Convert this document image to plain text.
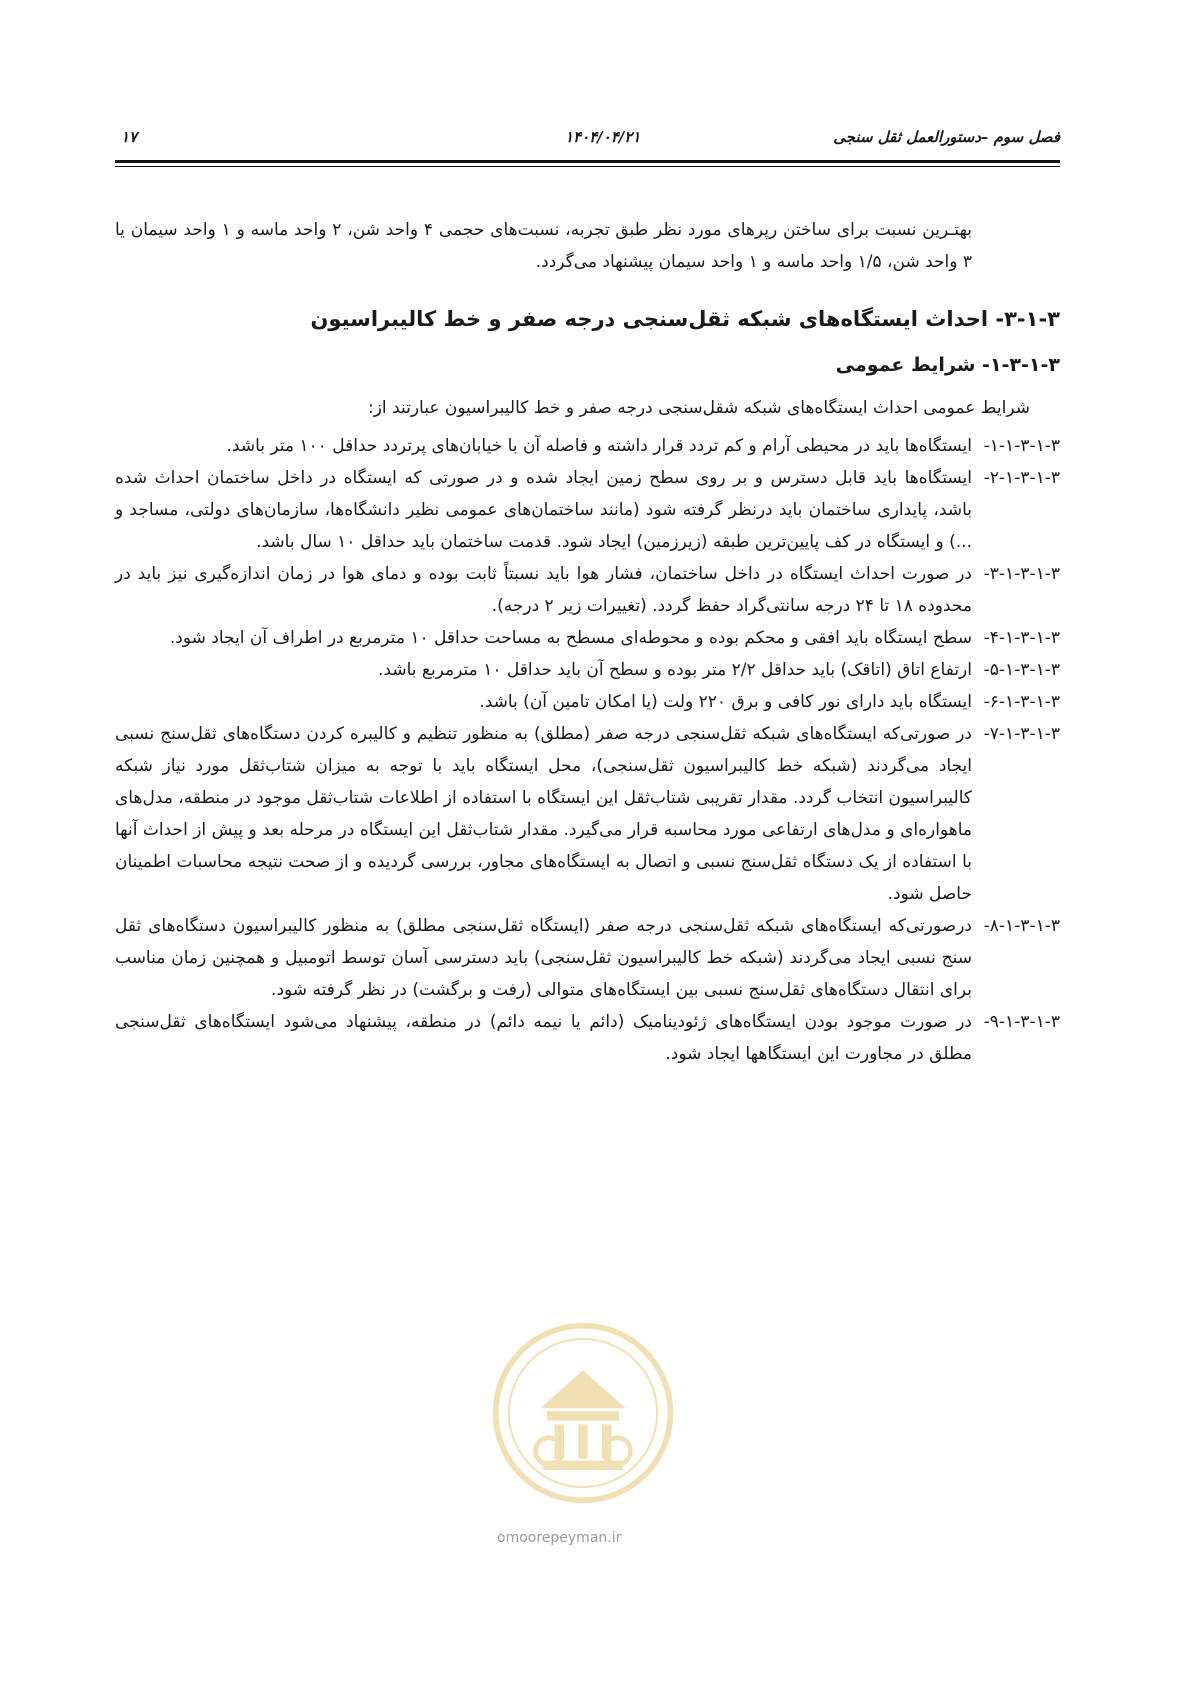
فصل سوم –دستورالعمل ثقل سنجی
۱۴۰۴/۰۴/۲۱
۱۷

بهتـرین نسبت برای ساختن رپرهای مورد نظر طبق تجربه، نسبت‌های حجمی ۴ واحد شن، ۲ واحد ماسه و ۱ واحد سیمان یا ۳ واحد شن، ۱/۵ واحد ماسه و ۱ واحد سیمان پیشنهاد می‌گردد.

۳-۱-۳- احداث ایستگاه‌های شبکه ثقل‌سنجی درجه صفر و خط کالیبراسیون
۱-۳-۱-۳- شرایط عمومی
شرایط عمومی احداث ایستگاه‌های شبکه شقل‌سنجی درجه صفر و خط کالیبراسیون عبارتند از:
۱-۱-۳-۱-۳-
ایستگاه‌ها باید در محیطی آرام و کم تردد قرار داشته و فاصله آن با خیابان‌های پرتردد حداقل ۱۰۰ متر باشد.
۲-۱-۳-۱-۳-
ایستگاه‌ها باید قابل دسترس و بر روی سطح زمین ایجاد شده و در صورتی که ایستگاه در داخل ساختمان احداث شده باشد، پایداری ساختمان باید درنظر گرفته شود (مانند ساختمان‌های عمومی نظیر دانشگاه‌ها، سازمان‌های دولتی، مساجد و ...) و ایستگاه در کف پایین‌ترین طبقه (زیرزمین) ایجاد شود. قدمت ساختمان باید حداقل ۱۰ سال باشد.
۳-۱-۳-۱-۳-
در صورت احداث ایستگاه در داخل ساختمان، فشار هوا باید نسبتاً ثابت بوده و دمای هوا در زمان اندازه‌گیری نیز باید در محدوده ۱۸ تا ۲۴ درجه سانتی‌گراد حفظ گردد. (تغییرات زیر ۲ درجه).
۴-۱-۳-۱-۳-
سطح ایستگاه باید افقی و محکم بوده و محوطه‌ای مسطح به مساحت حداقل ۱۰ مترمربع در اطراف آن ایجاد شود.
۵-۱-۳-۱-۳-
ارتفاع اتاق (اتاقک) باید حداقل ۲/۲ متر بوده و سطح آن باید حداقل ۱۰ مترمربع باشد.
۶-۱-۳-۱-۳-
ایستگاه باید دارای نور کافی و برق ۲۲۰ ولت (یا امکان تامین آن) باشد.
۷-۱-۳-۱-۳-
در صورتی‌که ایستگاه‌های شبکه ثقل‌سنجی درجه صفر (مطلق) به منظور تنظیم و کالیبره کردن دستگاه‌های ثقل‌سنج نسبی ایجاد می‌گردند (شبکه خط کالیبراسیون ثقل‌سنجی)، محل ایستگاه باید با توجه به میزان شتاب‌ثقل مورد نیاز شبکه کالیبراسیون انتخاب گردد. مقدار تقریبی شتاب‌ثقل این ایستگاه با استفاده از اطلاعات شتاب‌ثقل موجود در منطقه، مدل‌های ماهواره‌ای و مدل‌های ارتفاعی مورد محاسبه قرار می‌گیرد. مقدار شتاب‌ثقل این ایستگاه در مرحله بعد و پیش از احداث آنها با استفاده از یک دستگاه ثقل‌سنج نسبی و اتصال به ایستگاه‌های مجاور، بررسی گردیده و از صحت نتیجه محاسبات اطمینان حاصل شود.
۸-۱-۳-۱-۳-
درصورتی‌که ایستگاه‌های شبکه ثقل‌سنجی درجه صفر (ایستگاه ثقل‌سنجی مطلق) به منظور کالیبراسیون دستگاه‌های ثقل سنج نسبی ایجاد می‌گردند (شبکه خط کالیبراسیون ثقل‌سنجی) باید دسترسی آسان توسط اتومبیل و همچنین زمان مناسب برای انتقال دستگاه‌های ثقل‌سنج نسبی بین ایستگاه‌های متوالی (رفت و برگشت) در نظر گرفته شود.
۹-۱-۳-۱-۳-
در صورت موجود بودن ایستگاه‌های ژئودینامیک (دائم یا نیمه دائم) در منطقه، پیشنهاد می‌شود ایستگاه‌های ثقل‌سنجی مطلق در مجاورت این ایستگاهها ایجاد شود.
omoorepeyman.ir
